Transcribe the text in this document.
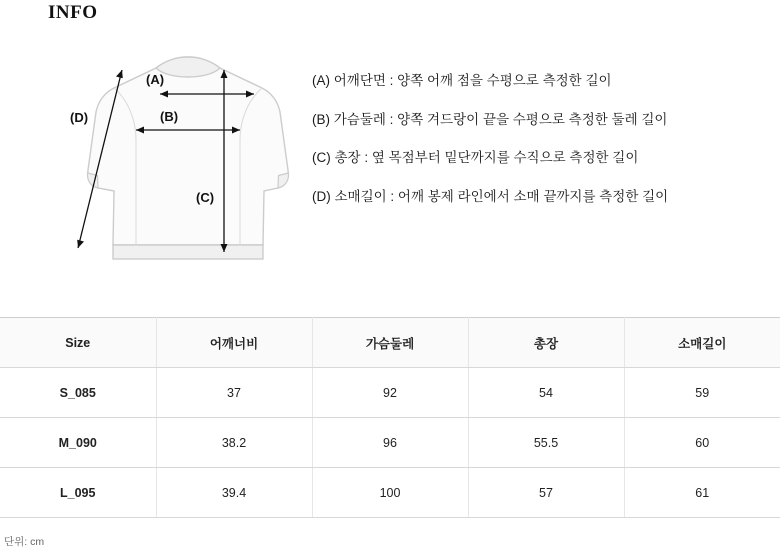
INFO
(A)
(B)
(C)
(D)
(A) 어깨단면 : 양쪽 어깨 점을 수평으로 측정한 길이
(B) 가슴둘레 : 양쪽 겨드랑이 끝을 수평으로 측정한 둘레 길이
(C) 총장 : 옆 목점부터 밑단까지를 수직으로 측정한 길이
(D) 소매길이 : 어깨 봉제 라인에서 소매 끝까지를 측정한 길이
Size	어깨너비	가슴둘레	총장	소매길이
S_085	37	92	54	59
M_090	38.2	96	55.5	60
L_095	39.4	100	57	61
단위: cm
